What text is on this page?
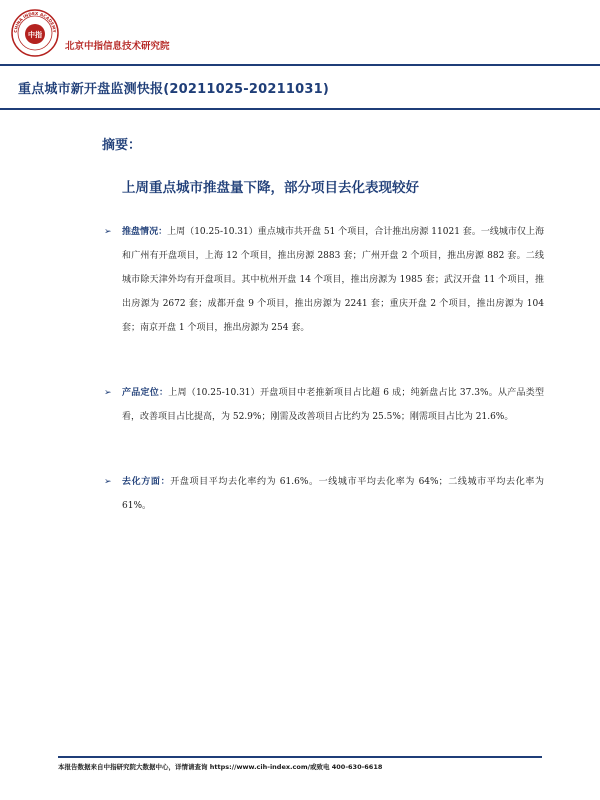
中指
CHINA INDEX ACADEMY
北京中指信息技术研究院
重点城市新开盘监测快报(20211025-20211031)
摘要：
上周重点城市推盘量下降，部分项目去化表现较好
➢ 推盘情况：上周（10.25-10.31）重点城市共开盘 51 个项目，合计推出房源 11021 套。一线城市仅上海和广州有开盘项目，上海 12 个项目，推出房源 2883 套；广州开盘 2 个项目，推出房源 882 套。二线城市除天津外均有开盘项目。其中杭州开盘 14 个项目，推出房源为 1985 套；武汉开盘 11 个项目，推出房源为 2672 套；成都开盘 9 个项目，推出房源为 2241 套；重庆开盘 2 个项目，推出房源为 104 套；南京开盘 1 个项目，推出房源为 254 套。
➢ 产品定位：上周（10.25-10.31）开盘项目中老推新项目占比超 6 成；纯新盘占比 37.3%。从产品类型看，改善项目占比提高，为 52.9%；刚需及改善项目占比约为 25.5%；刚需项目占比为 21.6%。
➢ 去化方面：开盘项目平均去化率约为 61.6%。一线城市平均去化率为 64%；二线城市平均去化率为 61%。
本报告数据来自中指研究院大数据中心，详情请查询 https://www.cih-index.com/或致电 400-630-6618
